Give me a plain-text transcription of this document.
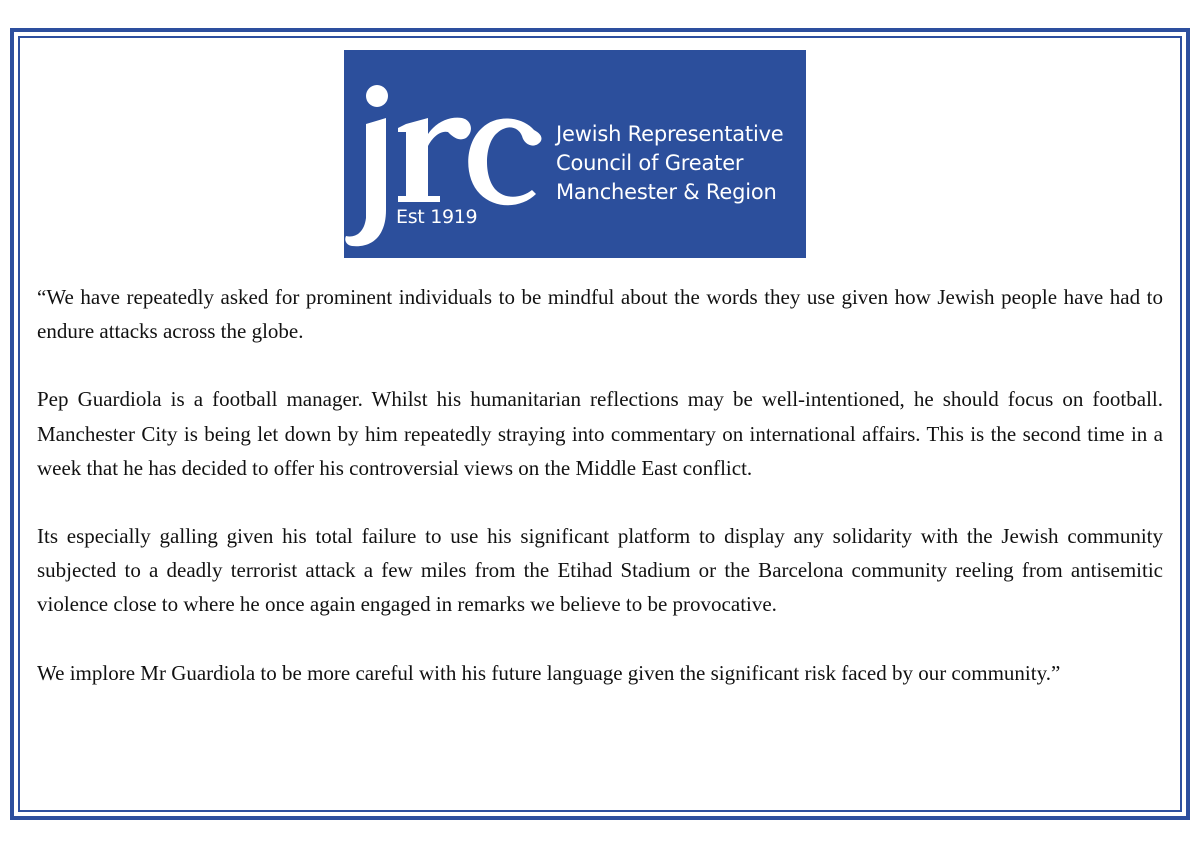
Est 1919
Jewish Representative
Council of Greater
Manchester & Region

“We have repeatedly asked for prominent individuals to be mindful about the words they use given how Jewish people have had to endure attacks across the globe.

Pep Guardiola is a football manager. Whilst his humanitarian reflections may be well-intentioned, he should focus on football. Manchester City is being let down by him repeatedly straying into commentary on international affairs. This is the second time in a week that he has decided to offer his controversial views on the Middle East conflict.

Its especially galling given his total failure to use his significant platform to display any solidarity with the Jewish community subjected to a deadly terrorist attack a few miles from the Etihad Stadium or the Barcelona community reeling from antisemitic violence close to where he once again engaged in remarks we believe to be provocative.

We implore Mr Guardiola to be more careful with his future language given the significant risk faced by our community.”
